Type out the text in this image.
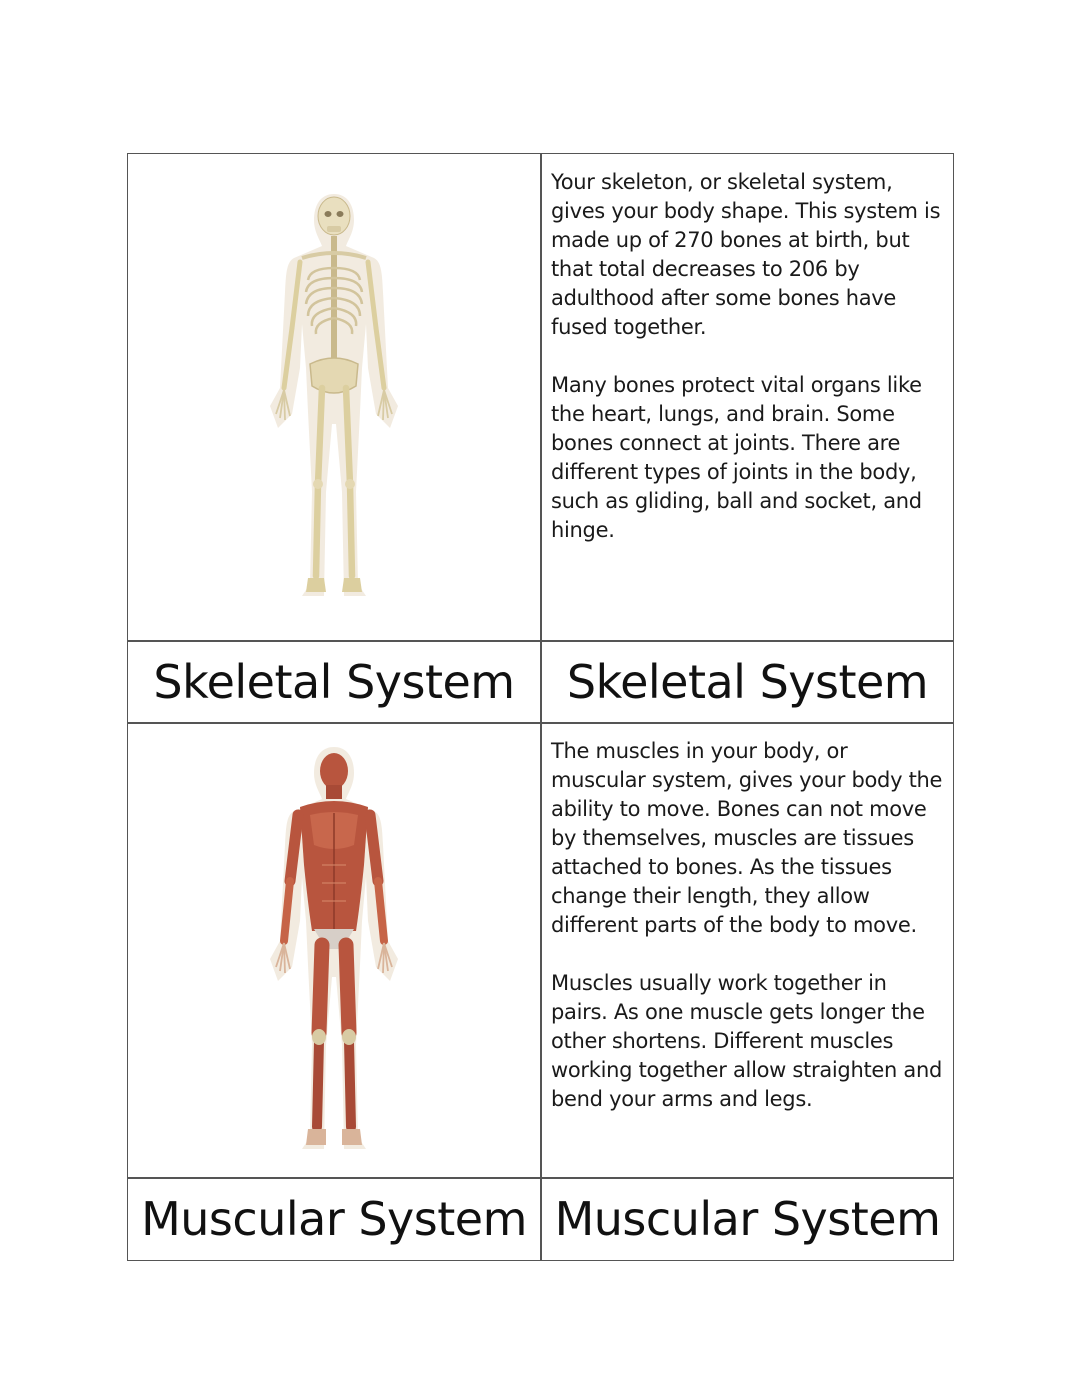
Your skeleton, or skeletal system, gives your body shape. This system is made up of 270 bones at birth, but that total decreases to 206 by adulthood after some bones have fused together.

Many bones protect vital organs like the heart, lungs, and brain. Some bones connect at joints. There are different types of joints in the body, such as gliding, ball and socket, and hinge.

Skeletal System	Skeletal System

The muscles in your body, or muscular system, gives your body the ability to move. Bones can not move by themselves, muscles are tissues attached to bones. As the tissues change their length, they allow different parts of the body to move.

Muscles usually work together in pairs. As one muscle gets longer the other shortens. Different muscles working together allow straighten and bend your arms and legs.

Muscular System Muscular System
